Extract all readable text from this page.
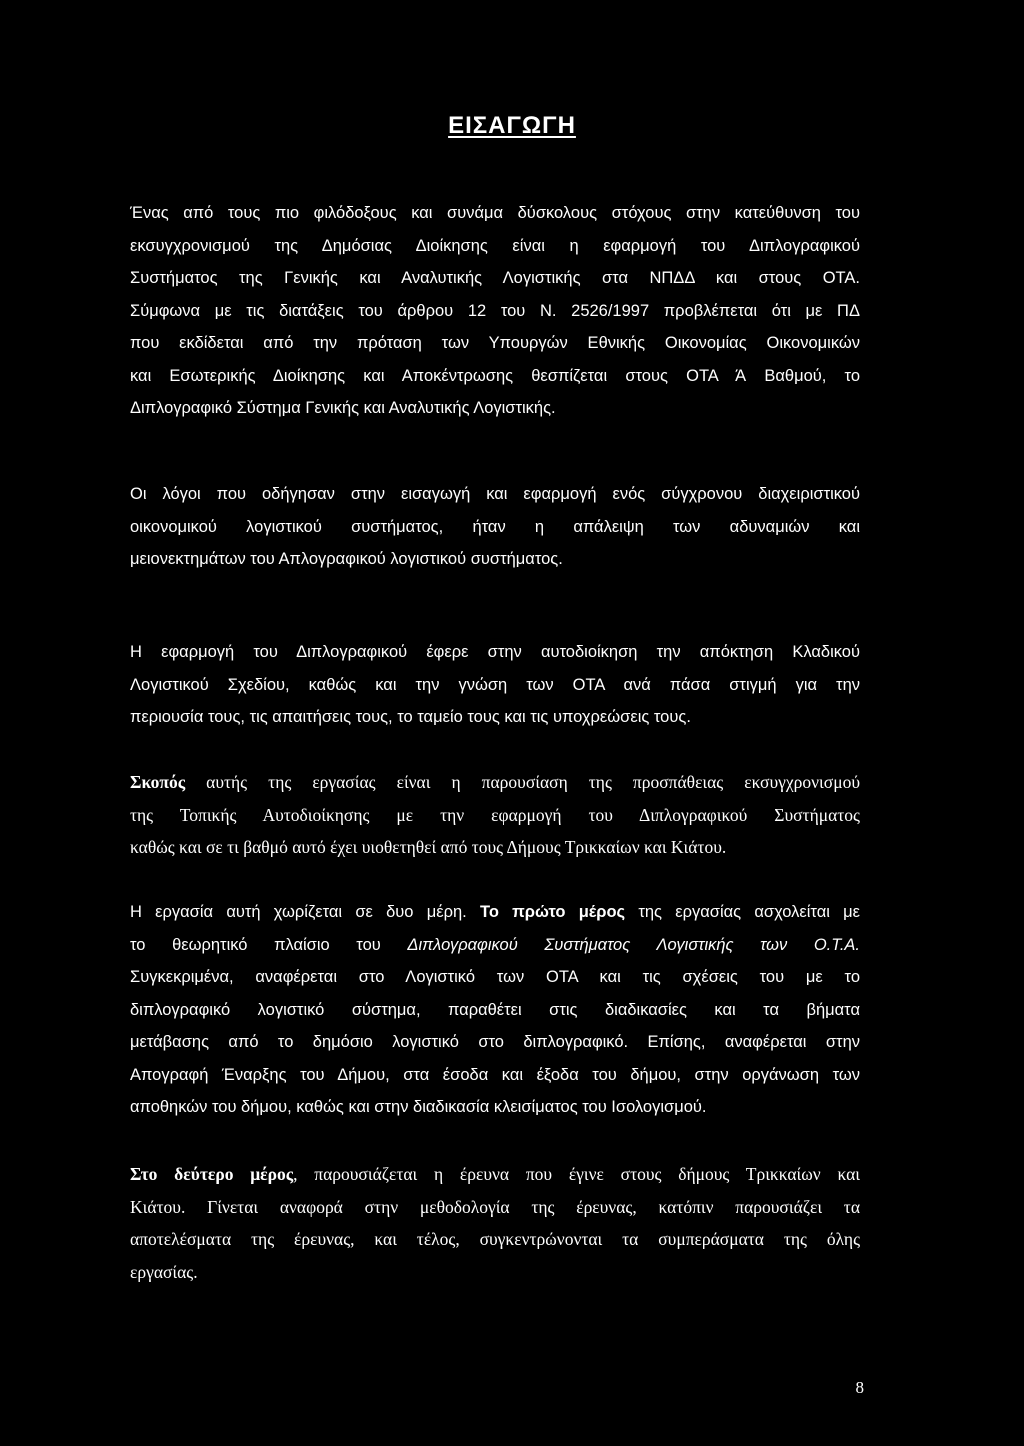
ΕΙΣΑΓΩΓΗ
Ένας από τους πιο φιλόδοξους και συνάμα δύσκολους στόχους στην κατεύθυνση του
εκσυγχρονισμού της Δημόσιας Διοίκησης είναι η εφαρμογή του Διπλογραφικού
Συστήματος της Γενικής και Αναλυτικής Λογιστικής στα ΝΠΔΔ και στους ΟΤΑ.
Σύμφωνα με τις διατάξεις του άρθρου 12 του Ν. 2526/1997 προβλέπεται ότι με ΠΔ
που εκδίδεται από την πρόταση των Υπουργών Εθνικής Οικονομίας Οικονομικών
και Εσωτερικής Διοίκησης και Αποκέντρωσης θεσπίζεται στους ΟΤΑ Ά Βαθμού, το
Διπλογραφικό Σύστημα Γενικής και Αναλυτικής Λογιστικής.
Οι λόγοι που οδήγησαν στην εισαγωγή και εφαρμογή ενός σύγχρονου διαχειριστικού
οικονομικού λογιστικού συστήματος, ήταν η απάλειψη των αδυναμιών και
μειονεκτημάτων του Απλογραφικού λογιστικού συστήματος.
Η εφαρμογή του Διπλογραφικού έφερε στην αυτοδιοίκηση την απόκτηση Κλαδικού
Λογιστικού Σχεδίου, καθώς και την γνώση των ΟΤΑ ανά πάσα στιγμή για την
περιουσία τους, τις απαιτήσεις τους, το ταμείο τους και τις υποχρεώσεις τους.
Σκοπός αυτής της εργασίας είναι η παρουσίαση της προσπάθειας εκσυγχρονισμού
της Τοπικής Αυτοδιοίκησης με την εφαρμογή του Διπλογραφικού Συστήματος
καθώς και σε τι βαθμό αυτό έχει υιοθετηθεί από τους Δήμους Τρικκαίων και Κιάτου.
Η εργασία αυτή χωρίζεται σε δυο μέρη. Το πρώτο μέρος της εργασίας ασχολείται με
το θεωρητικό πλαίσιο του Διπλογραφικού Συστήματος Λογιστικής των Ο.Τ.Α.
Συγκεκριμένα, αναφέρεται στο Λογιστικό των ΟΤΑ και τις σχέσεις του με το
διπλογραφικό λογιστικό σύστημα, παραθέτει στις διαδικασίες και τα βήματα
μετάβασης από το δημόσιο λογιστικό στο διπλογραφικό. Επίσης, αναφέρεται στην
Απογραφή Έναρξης του Δήμου, στα έσοδα και έξοδα του δήμου, στην οργάνωση των
αποθηκών του δήμου, καθώς και στην διαδικασία κλεισίματος του Ισολογισμού.
Στο δεύτερο μέρος, παρουσιάζεται η έρευνα που έγινε στους δήμους Τρικκαίων και
Κιάτου. Γίνεται αναφορά στην μεθοδολογία της έρευνας, κατόπιν παρουσιάζει τα
αποτελέσματα της έρευνας, και τέλος, συγκεντρώνονται τα συμπεράσματα της όλης
εργασίας.

8
